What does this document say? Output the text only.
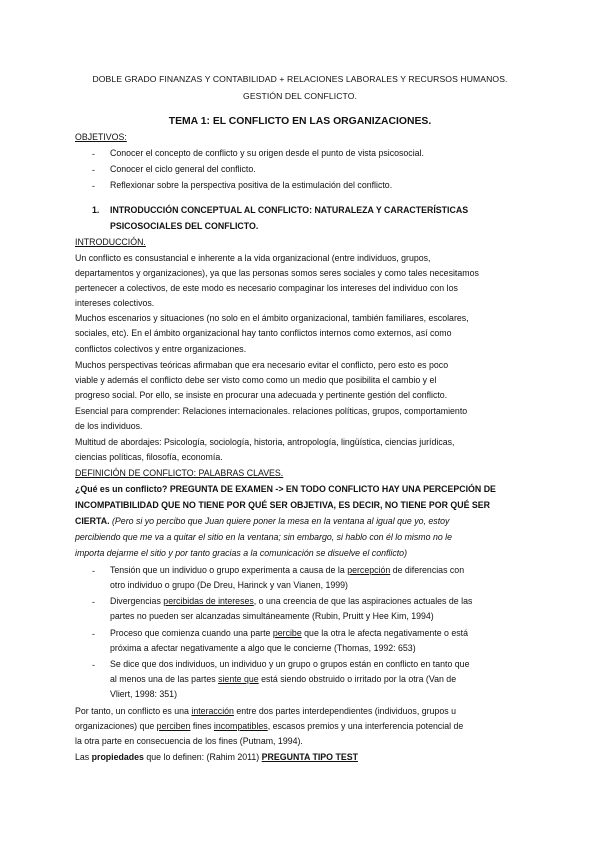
DOBLE GRADO FINANZAS Y CONTABILIDAD + RELACIONES LABORALES Y RECURSOS HUMANOS.
GESTIÓN DEL CONFLICTO.
TEMA 1: EL CONFLICTO EN LAS ORGANIZACIONES.
OBJETIVOS:
- Conocer el concepto de conflicto y su origen desde el punto de vista psicosocial.
- Conocer el ciclo general del conflicto.
- Reflexionar sobre la perspectiva positiva de la estimulación del conflicto.
1. INTRODUCCIÓN CONCEPTUAL AL CONFLICTO: NATURALEZA Y CARACTERÍSTICAS
PSICOSOCIALES DEL CONFLICTO.
INTRODUCCIÓN.
Un conflicto es consustancial e inherente a la vida organizacional (entre individuos, grupos,
departamentos y organizaciones), ya que las personas somos seres sociales y como tales necesitamos
pertenecer a colectivos, de este modo es necesario compaginar los intereses del individuo con los
intereses colectivos.
Muchos escenarios y situaciones (no solo en el ámbito organizacional, también familiares, escolares,
sociales, etc). En el ámbito organizacional hay tanto conflictos internos como externos, así como
conflictos colectivos y entre organizaciones.
Muchos perspectivas teóricas afirmaban que era necesario evitar el conflicto, pero esto es poco
viable y además el conflicto debe ser visto como como un medio que posibilita el cambio y el
progreso social. Por ello, se insiste en procurar una adecuada y pertinente gestión del conflicto.
Esencial para comprender: Relaciones internacionales. relaciones políticas, grupos, comportamiento
de los individuos.
Multitud de abordajes: Psicología, sociología, historia, antropología, lingüística, ciencias jurídicas,
ciencias políticas, filosofía, economía.
DEFINICIÓN DE CONFLICTO: PALABRAS CLAVES.
¿Qué es un conflicto? PREGUNTA DE EXAMEN -> EN TODO CONFLICTO HAY UNA PERCEPCIÓN DE
INCOMPATIBILIDAD QUE NO TIENE POR QUÉ SER OBJETIVA, ES DECIR, NO TIENE POR QUÉ SER
CIERTA. (Pero si yo percibo que Juan quiere poner la mesa en la ventana al igual que yo, estoy
percibiendo que me va a quitar el sitio en la ventana; sin embargo, si hablo con él lo mismo no le
importa dejarme el sitio y por tanto gracias a la comunicación se disuelve el conflicto)
- Tensión que un individuo o grupo experimenta a causa de la percepción de diferencias con
otro individuo o grupo (De Dreu, Harinck y van Vianen, 1999)
- Divergencias percibidas de intereses, o una creencia de que las aspiraciones actuales de las
partes no pueden ser alcanzadas simultáneamente (Rubin, Pruitt y Hee Kim, 1994)
- Proceso que comienza cuando una parte percibe que la otra le afecta negativamente o está
próxima a afectar negativamente a algo que le concierne (Thomas, 1992: 653)
- Se dice que dos individuos, un individuo y un grupo o grupos están en conflicto en tanto que
al menos una de las partes siente que está siendo obstruido o irritado por la otra (Van de
Vliert, 1998: 351)
Por tanto, un conflicto es una interacción entre dos partes interdependientes (individuos, grupos u
organizaciones) que perciben fines incompatibles, escasos premios y una interferencia potencial de
la otra parte en consecuencia de los fines (Putnam, 1994).
Las propiedades que lo definen: (Rahim 2011) PREGUNTA TIPO TEST
